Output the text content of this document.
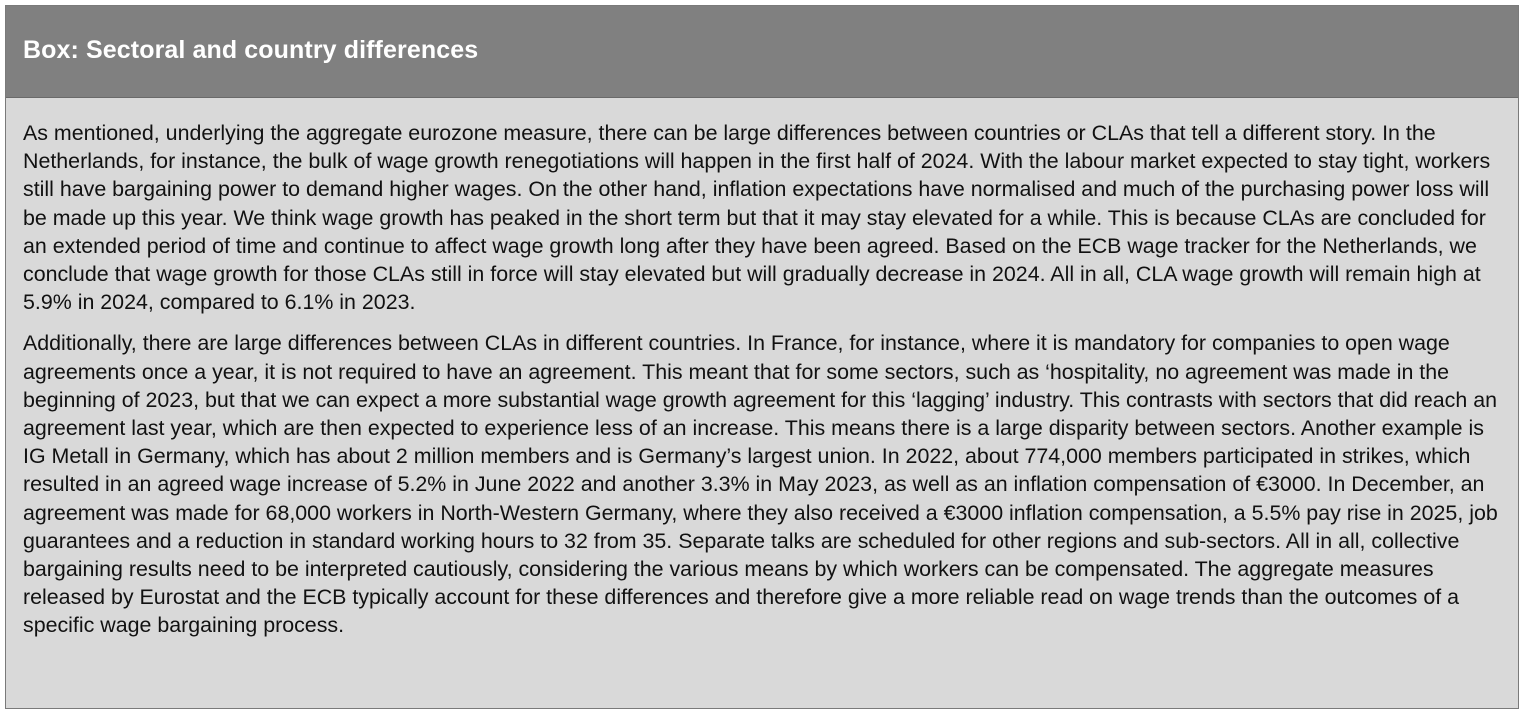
Box: Sectoral and country differences

As mentioned, underlying the aggregate eurozone measure, there can be large differences between countries or CLAs that tell a different story. In the Netherlands, for instance, the bulk of wage growth renegotiations will happen in the first half of 2024. With the labour market expected to stay tight, workers still have bargaining power to demand higher wages. On the other hand, inflation expectations have normalised and much of the purchasing power loss will be made up this year. We think wage growth has peaked in the short term but that it may stay elevated for a while. This is because CLAs are concluded for an extended period of time and continue to affect wage growth long after they have been agreed. Based on the ECB wage tracker for the Netherlands, we conclude that wage growth for those CLAs still in force will stay elevated but will gradually decrease in 2024. All in all, CLA wage growth will remain high at 5.9% in 2024, compared to 6.1% in 2023.

Additionally, there are large differences between CLAs in different countries. In France, for instance, where it is mandatory for companies to open wage agreements once a year, it is not required to have an agreement. This meant that for some sectors, such as ‘hospitality, no agreement was made in the beginning of 2023, but that we can expect a more substantial wage growth agreement for this ‘lagging’ industry. This contrasts with sectors that did reach an agreement last year, which are then expected to experience less of an increase. This means there is a large disparity between sectors. Another example is IG Metall in Germany, which has about 2 million members and is Germany’s largest union. In 2022, about 774,000 members participated in strikes, which resulted in an agreed wage increase of 5.2% in June 2022 and another 3.3% in May 2023, as well as an inflation compensation of €3000. In December, an agreement was made for 68,000 workers in North-Western Germany, where they also received a €3000 inflation compensation, a 5.5% pay rise in 2025, job guarantees and a reduction in standard working hours to 32 from 35. Separate talks are scheduled for other regions and sub-sectors. All in all, collective bargaining results need to be interpreted cautiously, considering the various means by which workers can be compensated. The aggregate measures released by Eurostat and the ECB typically account for these differences and therefore give a more reliable read on wage trends than the outcomes of a specific wage bargaining process.
